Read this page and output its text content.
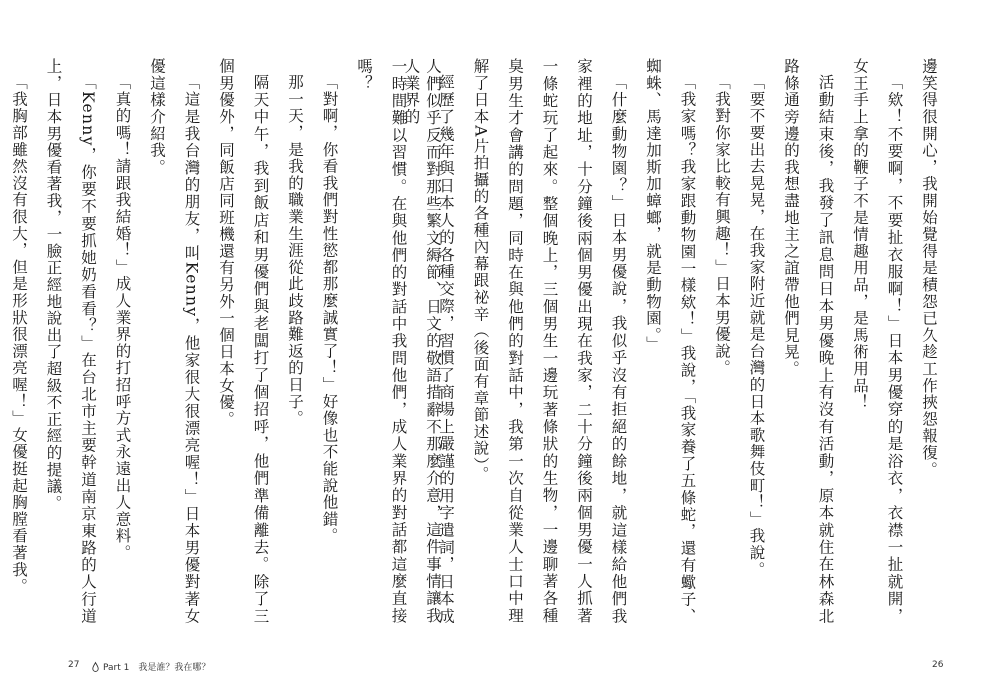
邊笑得很開心，我開始覺得是積怨已久趁工作挾怨報復。

「欸！不要啊，不要扯衣服啊！」日本男優穿的是浴衣，衣襟一扯就開，女王手上拿的鞭子不是情趣用品，是馬術用品！

活動結束後，我發了訊息問日本男優晚上有沒有活動，原本就住在林森北路條通旁邊的我想盡地主之誼帶他們見晃。

「要不要出去晃晃，在我家附近就是台灣的日本歌舞伎町！」我說。

「我對你家比較有興趣！」日本男優說。

「我家嗎？我家跟動物園一樣欸！」我說，「我家養了五條蛇，還有蠍子、蜘蛛、馬達加斯加蟑螂，就是動物園。」

「什麼動物園？」日本男優說，我似乎沒有拒絕的餘地，就這樣給他們我家裡的地址，十分鐘後兩個男優出現在我家，二十分鐘後兩個男優一人抓著一條蛇玩了起來。整個晚上，三個男生一邊玩著條狀的生物，一邊聊著各種臭男生才會講的問題，同時在與他們的對話中，我第一次自從業人士口中理解了日本A片拍攝的各種內幕跟祕辛（後面有章節述說）。

經歷了幾年與日本人的各種交際，習慣了商場上嚴謹的用字遣詞，日本成人業界的

26

人們似乎反而對那些繁文縟節、日文的敬語措辭不那麼介意，這件事情讓我一時間難以習慣。在與他們的對話中我問他們，成人業界的對話都這麼直接嗎？

「對啊，你看我們對性慾都那麼誠實了！」好像也不能說他錯。

那一天，是我的職業生涯從此歧路難返的日子。

隔天中午，我到飯店和男優們與老闆打了個招呼，他們準備離去。除了三個男優外，同飯店同班機還有另外一個日本女優。

「這是我台灣的朋友，叫Kenny，他家很大很漂亮喔！」日本男優對著女優這樣介紹我。

「真的嗎！請跟我結婚！」成人業界的打招呼方式永遠出人意料。

「Kenny，你要不要抓她奶看看？」在台北市主要幹道南京東路的人行道上，日本男優看著我，一臉正經地說出了超級不正經的提議。

「我胸部雖然沒有很大，但是形狀很漂亮喔！」女優挺起胸膛看著我。

27	Part 1　我是誰？我在哪？
